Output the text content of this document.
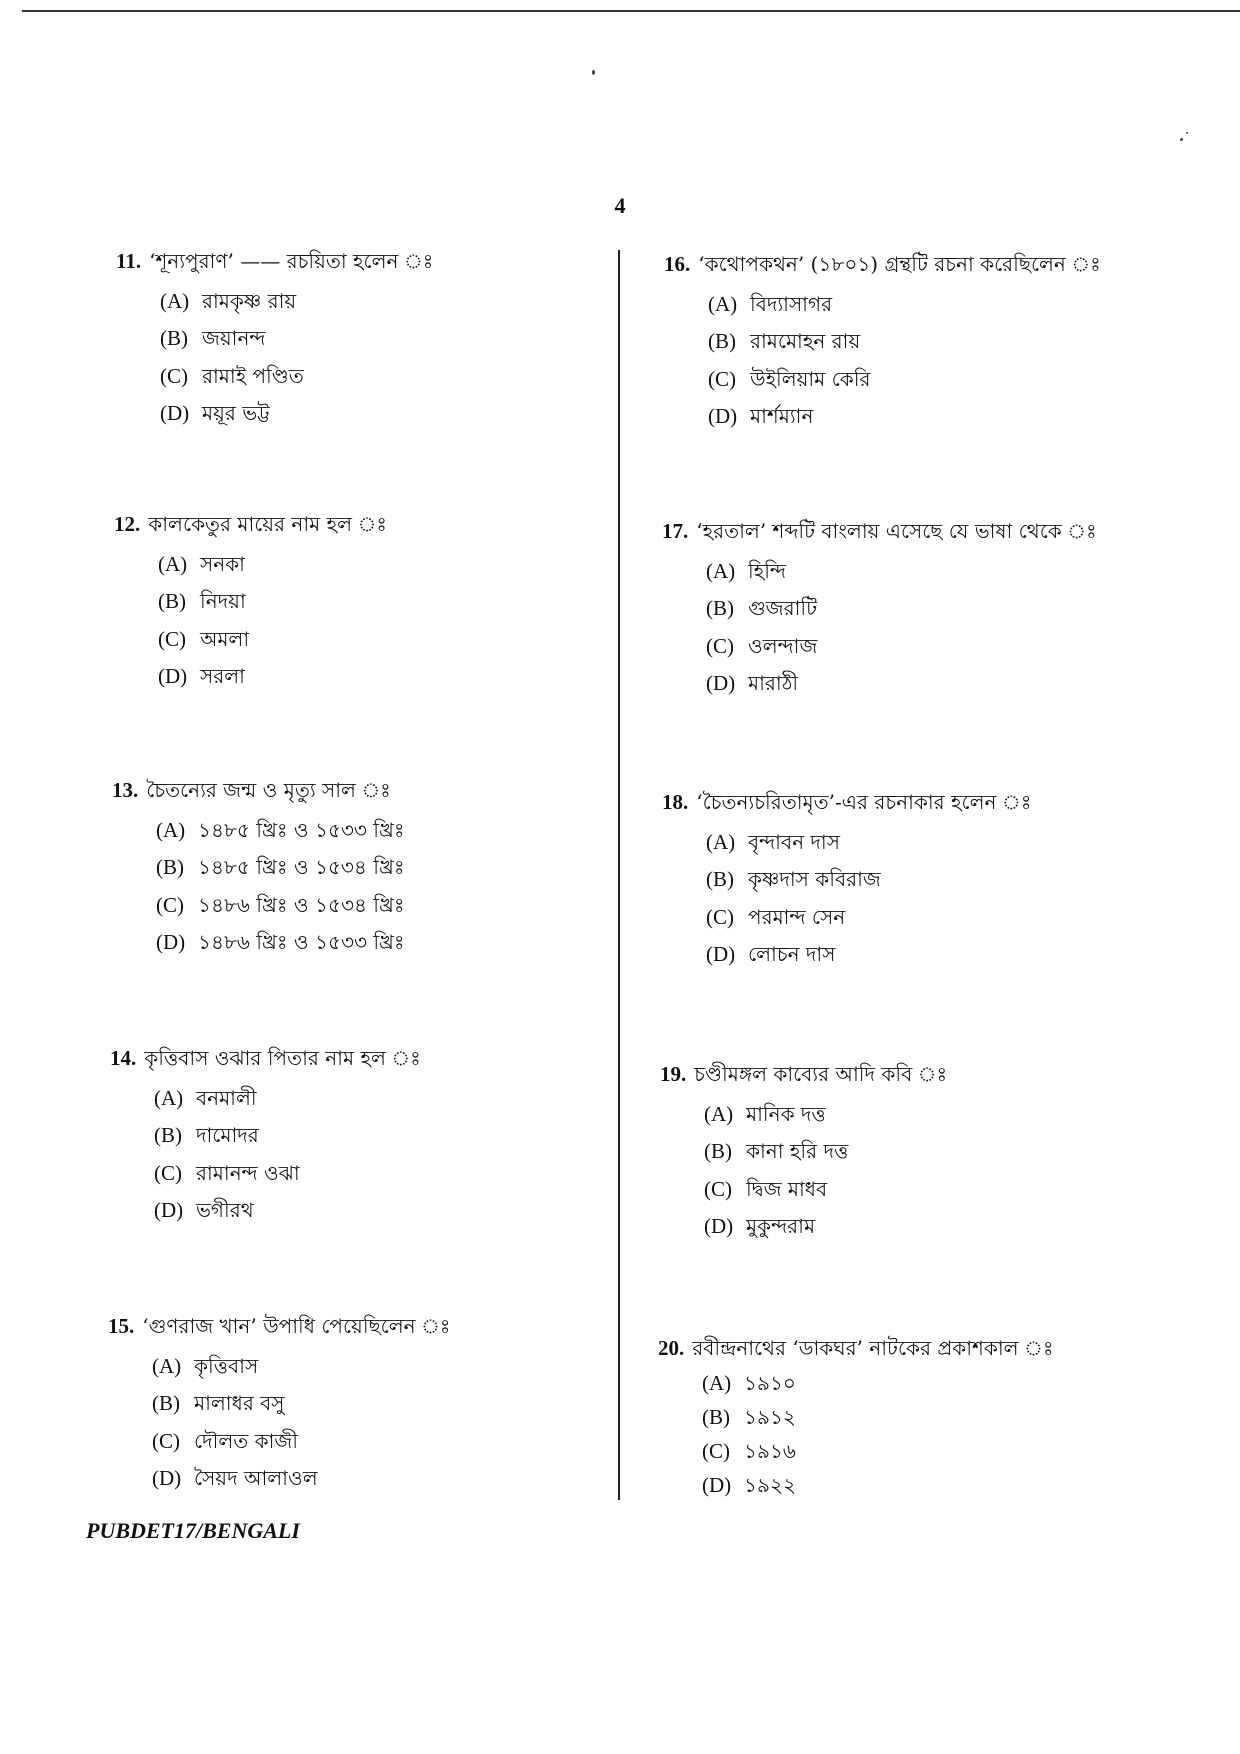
4
11. ‘শূন্যপুরাণ’ —— রচয়িতা হলেন ঃ
(A) রামকৃষ্ণ রায়
(B) জয়ানন্দ
(C) রামাই পণ্ডিত
(D) ময়ূর ভট্ট
12. কালকেতুর মায়ের নাম হল ঃ
(A) সনকা
(B) নিদয়া
(C) অমলা
(D) সরলা
13. চৈতন্যের জন্ম ও মৃত্যু সাল ঃ
(A) ১৪৮৫ খ্রিঃ ও ১৫৩৩ খ্রিঃ
(B) ১৪৮৫ খ্রিঃ ও ১৫৩৪ খ্রিঃ
(C) ১৪৮৬ খ্রিঃ ও ১৫৩৪ খ্রিঃ
(D) ১৪৮৬ খ্রিঃ ও ১৫৩৩ খ্রিঃ
14. কৃত্তিবাস ওঝার পিতার নাম হল ঃ
(A) বনমালী
(B) দামোদর
(C) রামানন্দ ওঝা
(D) ভগীরথ
15. ‘গুণরাজ খান’ উপাধি পেয়েছিলেন ঃ
(A) কৃত্তিবাস
(B) মালাধর বসু
(C) দৌলত কাজী
(D) সৈয়দ আলাওল
16. ‘কথোপকথন’ (১৮০১) গ্রন্থটি রচনা করেছিলেন ঃ
(A) বিদ্যাসাগর
(B) রামমোহন রায়
(C) উইলিয়াম কেরি
(D) মার্শম্যান
17. ‘হরতাল’ শব্দটি বাংলায় এসেছে যে ভাষা থেকে ঃ
(A) হিন্দি
(B) গুজরাটি
(C) ওলন্দাজ
(D) মারাঠী
18. ‘চৈতন্যচরিতামৃত’-এর রচনাকার হলেন ঃ
(A) বৃন্দাবন দাস
(B) কৃষ্ণদাস কবিরাজ
(C) পরমান্দ সেন
(D) লোচন দাস
19. চণ্ডীমঙ্গল কাব্যের আদি কবি ঃ
(A) মানিক দত্ত
(B) কানা হরি দত্ত
(C) দ্বিজ মাধব
(D) মুকুন্দরাম
20. রবীন্দ্রনাথের ‘ডাকঘর’ নাটকের প্রকাশকাল ঃ
(A) ১৯১০
(B) ১৯১২
(C) ১৯১৬
(D) ১৯২২
PUBDET17/BENGALI
